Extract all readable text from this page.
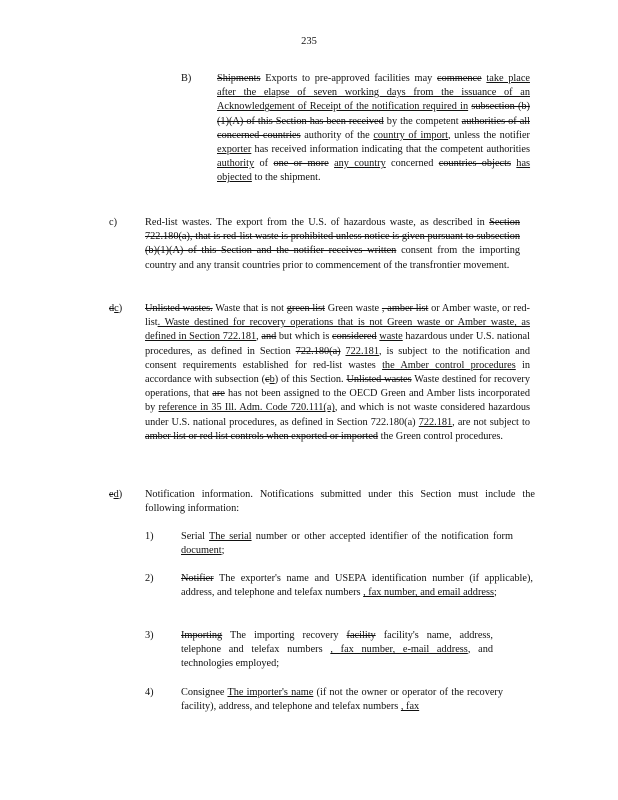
235
B) Shipments Exports to pre-approved facilities may commence take place after the elapse of seven working days from the issuance of an Acknowledgement of Receipt of the notification required in subsection (b)(1)(A) of this Section has been received by the competent authorities of all concerned countries authority of the country of import, unless the notifier exporter has received information indicating that the competent authorities authority of one or more any country concerned countries objects has objected to the shipment.
c)	Red-list wastes. The export from the U.S. of hazardous waste, as described in Section 722.180(a), that is red-list waste is prohibited unless notice is given pursuant to subsection (b)(1)(A) of this Section and the notifier receives written consent from the importing country and any transit countries prior to commencement of the transfrontier movement.
dc) Unlisted wastes. Waste that is not green list Green waste , amber list or Amber waste, or red-list. Waste destined for recovery operations that is not Green waste or Amber waste, as defined in Section 722.181, and but which is considered waste hazardous under U.S. national procedures, as defined in Section 722.180(a) 722.181, is subject to the notification and consent requirements established for red-list wastes the Amber control procedures in accordance with subsection (cb) of this Section. Unlisted wastes Waste destined for recovery operations, that are has not been assigned to the OECD Green and Amber lists incorporated by reference in 35 Ill. Adm. Code 720.111(a), and which is not waste considered hazardous under U.S. national procedures, as defined in Section 722.180(a) 722.181, are not subject to amber list or red list controls when exported or imported the Green control procedures.
ed) Notification information. Notifications submitted under this Section must include the following information:
1)	Serial The serial number or other accepted identifier of the notification form document;
2)	Notifier The exporter's name and USEPA identification number (if applicable), address, and telephone and telefax numbers , fax number, and email address;
3)	Importing The importing recovery facility facility's name, address, telephone and telefax numbers , fax number, e-mail address, and technologies employed;
4)	Consignee The importer's name (if not the owner or operator of the recovery facility), address, and telephone and telefax numbers , fax
